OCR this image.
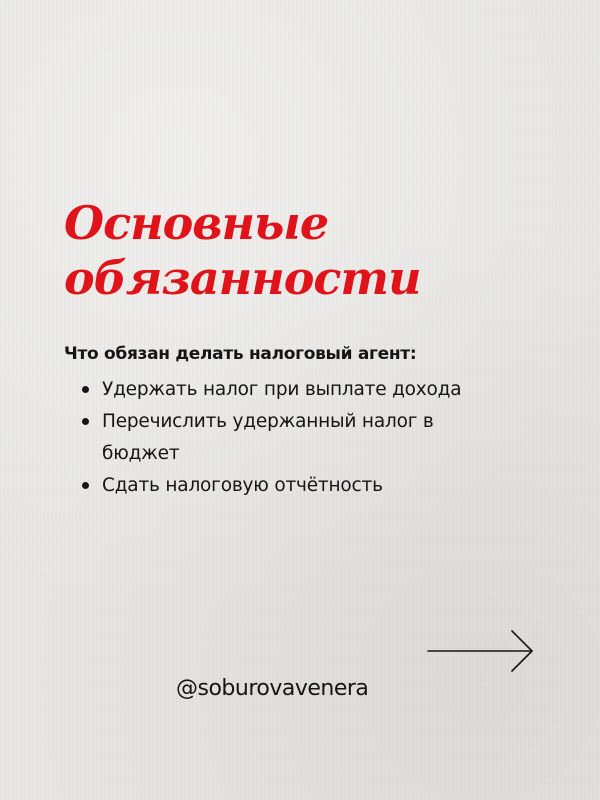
Основные
обязанности

Что обязан делать налоговый агент:

Удержать налог при выплате дохода
Перечислить удержанный налог в
бюджет
Сдать налоговую отчётность

@soburovavenera
